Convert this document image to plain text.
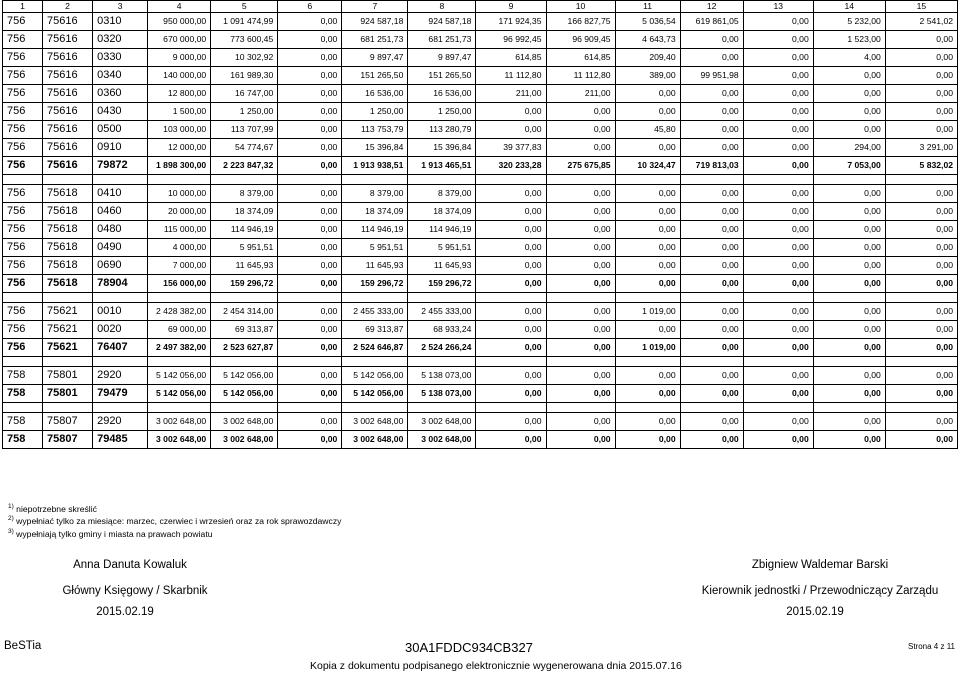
1	2	3	4	5	6	7	8	9	10	11	12	13	14	15
756	75616	0310	950 000,00	1 091 474,99	0,00	924 587,18	924 587,18	171 924,35	166 827,75	5 036,54	619 861,05	0,00	5 232,00	2 541,02
756	75616	0320	670 000,00	773 600,45	0,00	681 251,73	681 251,73	96 992,45	96 909,45	4 643,73	0,00	0,00	1 523,00	0,00
756	75616	0330	9 000,00	10 302,92	0,00	9 897,47	9 897,47	614,85	614,85	209,40	0,00	0,00	4,00	0,00
756	75616	0340	140 000,00	161 989,30	0,00	151 265,50	151 265,50	11 112,80	11 112,80	389,00	99 951,98	0,00	0,00	0,00
756	75616	0360	12 800,00	16 747,00	0,00	16 536,00	16 536,00	211,00	211,00	0,00	0,00	0,00	0,00	0,00
756	75616	0430	1 500,00	1 250,00	0,00	1 250,00	1 250,00	0,00	0,00	0,00	0,00	0,00	0,00	0,00
756	75616	0500	103 000,00	113 707,99	0,00	113 753,79	113 280,79	0,00	0,00	45,80	0,00	0,00	0,00	0,00
756	75616	0910	12 000,00	54 774,67	0,00	15 396,84	15 396,84	39 377,83	0,00	0,00	0,00	0,00	294,00	3 291,00
756	75616	79872	1 898 300,00	2 223 847,32	0,00	1 913 938,51	1 913 465,51	320 233,28	275 675,85	10 324,47	719 813,03	0,00	7 053,00	5 832,02

756	75618	0410	10 000,00	8 379,00	0,00	8 379,00	8 379,00	0,00	0,00	0,00	0,00	0,00	0,00	0,00
756	75618	0460	20 000,00	18 374,09	0,00	18 374,09	18 374,09	0,00	0,00	0,00	0,00	0,00	0,00	0,00
756	75618	0480	115 000,00	114 946,19	0,00	114 946,19	114 946,19	0,00	0,00	0,00	0,00	0,00	0,00	0,00
756	75618	0490	4 000,00	5 951,51	0,00	5 951,51	5 951,51	0,00	0,00	0,00	0,00	0,00	0,00	0,00
756	75618	0690	7 000,00	11 645,93	0,00	11 645,93	11 645,93	0,00	0,00	0,00	0,00	0,00	0,00	0,00
756	75618	78904	156 000,00	159 296,72	0,00	159 296,72	159 296,72	0,00	0,00	0,00	0,00	0,00	0,00	0,00

756	75621	0010	2 428 382,00	2 454 314,00	0,00	2 455 333,00	2 455 333,00	0,00	0,00	1 019,00	0,00	0,00	0,00	0,00
756	75621	0020	69 000,00	69 313,87	0,00	69 313,87	68 933,24	0,00	0,00	0,00	0,00	0,00	0,00	0,00
756	75621	76407	2 497 382,00	2 523 627,87	0,00	2 524 646,87	2 524 266,24	0,00	0,00	1 019,00	0,00	0,00	0,00	0,00

758	75801	2920	5 142 056,00	5 142 056,00	0,00	5 142 056,00	5 138 073,00	0,00	0,00	0,00	0,00	0,00	0,00	0,00
758	75801	79479	5 142 056,00	5 142 056,00	0,00	5 142 056,00	5 138 073,00	0,00	0,00	0,00	0,00	0,00	0,00	0,00

758	75807	2920	3 002 648,00	3 002 648,00	0,00	3 002 648,00	3 002 648,00	0,00	0,00	0,00	0,00	0,00	0,00	0,00
758	75807	79485	3 002 648,00	3 002 648,00	0,00	3 002 648,00	3 002 648,00	0,00	0,00	0,00	0,00	0,00	0,00	0,00
$^{1)}$ niepotrzebne skreślić
$^{2)}$ wypełniać tylko za miesiące: marzec, czerwiec i wrzesień oraz za rok sprawozdawczy
$^{3)}$ wypełniają tylko gminy i miasta na prawach powiatu
Anna Danuta Kowaluk
Główny Księgowy / Skarbnik
2015.02.19
Zbigniew Waldemar Barski
Kierownik jednostki / Przewodniczący Zarządu
2015.02.19
BeSTia	30A1FDDC934CB327	Strona 4 z 11
Kopia z dokumentu podpisanego elektronicznie wygenerowana dnia 2015.07.16
